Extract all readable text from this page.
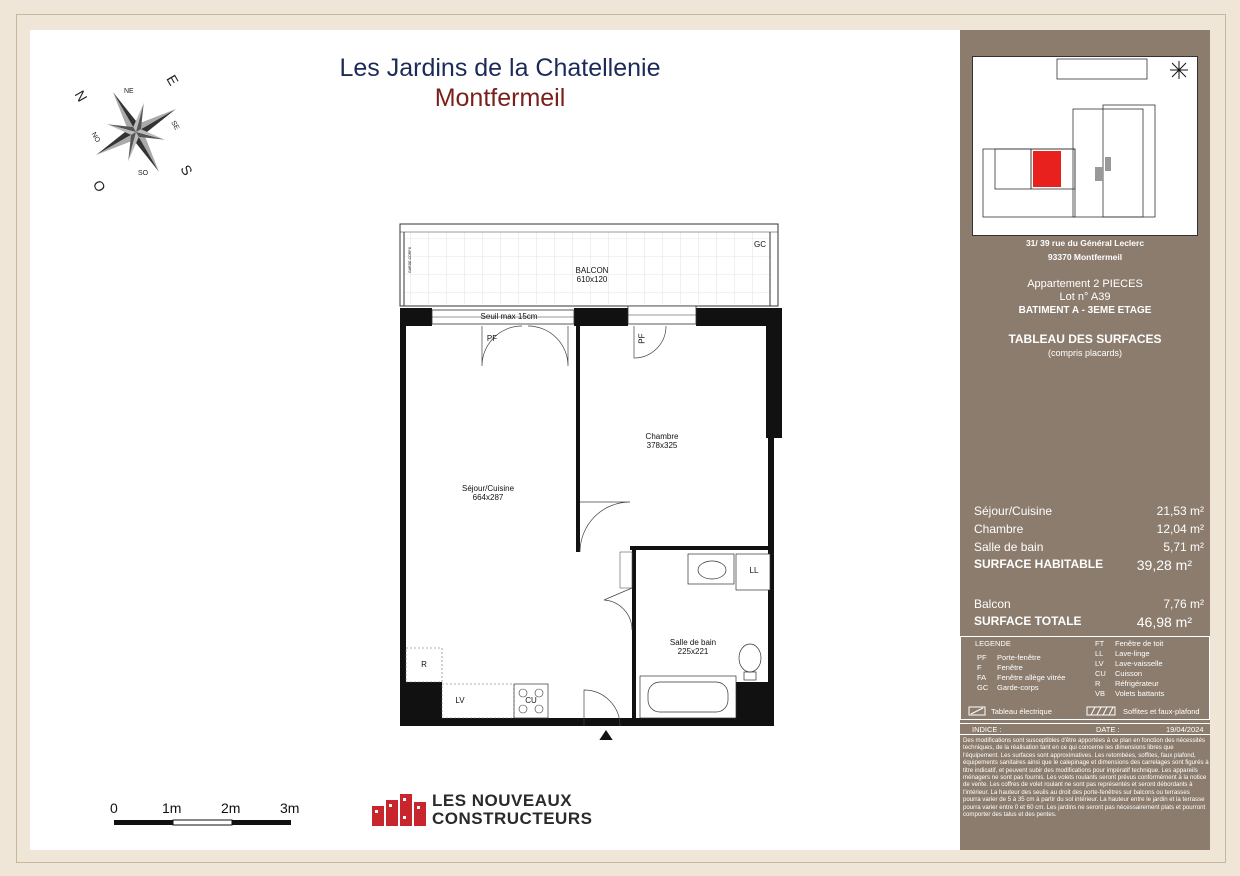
Les Jardins de la Chatellenie
Montfermeil
N
E
S
O
NE
SE
SO
NO
BALCON
610x120
GC
GARDE-CORPS
Seuil max 15cm
PF	PF
Séjour/Cuisine
664x287
Chambre
378x325
Salle de bain
225x221
LL
R
LV	CU
0	1m	2m	3m	LES NOUVEAUX
CONSTRUCTEURS
31/ 39 rue du Général Leclerc
93370 Montfermeil
Appartement 2 PIECES
Lot n° A39
BATIMENT A - 3EME ETAGE
TABLEAU DES SURFACES
(compris placards)
Séjour/Cuisine	21,53 m²
Chambre	12,04 m²
Salle de bain	5,71 m²
SURFACE HABITABLE 39,28 m²
Balcon	7,76 m²
SURFACE TOTALE	46,98 m²
LEGENDE
PF Porte-fenêtre
F Fenêtre
FA Fenêtre allège vitrée
GC Garde-corps
FT Fenêtre de toit
LL Lave-linge
LV Lave-vaisselle
CU Cuisson
R Réfrigérateur
VB Volets battants
Tableau électrique	Soffites et faux-plafond
INDICE :	DATE :	19/04/2024
Des modifications sont susceptibles d'être apportées à ce plan en fonction des nécessités techniques, de la réalisation tant en ce qui concerne les dimensions libres que l'équipement. Les surfaces sont approximatives. Les retombées, soffites, faux plafond, équipements sanitaires ainsi que le calepinage et dimensions des carrelages sont figurés à titre indicatif, et peuvent subir des modifications pour impératif technique. Les appareils ménagers ne sont pas fournis. Les volets roulants seront prévus conformément à la notice de vente. Les coffres de volet roulant ne sont pas représentés et seront débordants à l'intérieur. La hauteur des seuils au droit des porte-fenêtres sur balcons ou terrasses pourra varier de 5 à 35 cm à partir du sol intérieur. La hauteur entre le jardin et la terrasse pourra varier entre 0 et 60 cm. Les jardins ne seront pas nécessairement plats et pourront comporter des talus et des pentes.
